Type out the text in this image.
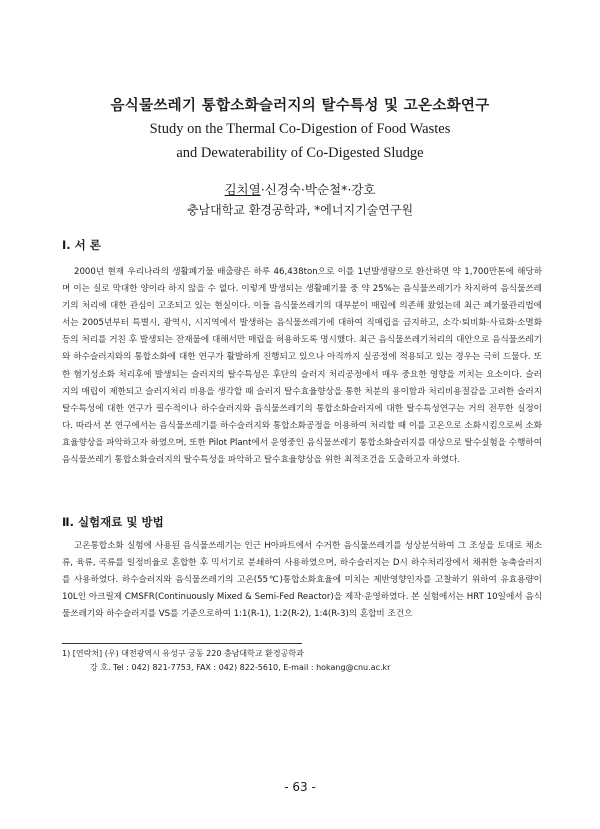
음식물쓰레기 통합소화슬러지의 탈수특성 및 고온소화연구
Study on the Thermal Co-Digestion of Food Wastes
and Dewaterability of Co-Digested Sludge
김치열·신경숙·박순철*·강호
충남대학교 환경공학과, *에너지기술연구원
Ⅰ. 서 론

2000년 현재 우리나라의 생활폐기물 배출량은 하루 46,438ton으로 이를 1년발생량으로 환산하면 약 1,700만톤에 해당하며 이는 실로 막대한 양이라 하지 않을 수 없다. 이렇게 발생되는 생활폐기물 중 약 25%는 음식물쓰레기가 차지하여 음식물쓰레기의 처리에 대한 관심이 고조되고 있는 현실이다. 이들 음식물쓰레기의 대부분이 매립에 의존해 왔었는데 최근 폐기물관리법에서는 2005년부터 특별시, 광역시, 시지역에서 발생하는 음식물쓰레기에 대하여 직매립을 금지하고, 소각·퇴비화·사료화·소멸화 등의 처리를 거친 후 발생되는 잔재물에 대해서만 매립을 허용하도록 명시했다. 최근 음식물쓰레기처리의 대안으로 음식물쓰레기와 하수슬러지와의 통합소화에 대한 연구가 활발하게 진행되고 있으나 아직까지 실공정에 적용되고 있는 경우는 극히 드물다. 또한 혐기성소화 처리후에 발생되는 슬러지의 탈수특성은 후단의 슬러지 처리공정에서 매우 중요한 영향을 끼치는 요소이다. 슬러지의 매립이 제한되고 슬러지처리 비용을 생각할 때 슬러지 탈수효율향상을 통한 처분의 용이함과 처리비용절감을 고려한 슬러지 탈수특성에 대한 연구가 필수적이나 하수슬러지와 음식물쓰레기의 통합소화슬러지에 대한 탈수특성연구는 거의 전무한 실정이다. 따라서 본 연구에서는 음식물쓰레기를 하수슬러지와 통합소화공정을 이용하여 처리할 때 이를 고온으로 소화시킴으로써 소화효율향상을 파악하고자 하였으며, 또한 Pilot Plant에서 운영중인 음식물쓰레기 통합소화슬러지를 대상으로 탈수실험을 수행하여 음식물쓰레기 통합소화슬러지의 탈수특성을 파악하고 탈수효율향상을 위한 최적조건을 도출하고자 하였다.

Ⅱ. 실험재료 및 방법

고온통합소화 실험에 사용된 음식물쓰레기는 인근 H아파트에서 수거한 음식물쓰레기를 성상분석하여 그 조성을 토대로 채소류, 육류, 곡류를 일정비율로 혼합한 후 믹서기로 분쇄하여 사용하였으며, 하수슬러지는 D시 하수처리장에서 채취한 농축슬러지를 사용하였다. 하수슬러지와 음식물쓰레기의 고온(55℃)통합소화효율에 미치는 제반영향인자를 고찰하기 위하여 유효용량이 10L인 아크릴제 CMSFR(Continuously Mixed & Semi-Fed Reactor)을 제작·운영하였다. 본 실험에서는 HRT 10일에서 음식물쓰레기와 하수슬러지를 VS를 기준으로하여 1:1(R-1), 1:2(R-2), 1:4(R-3)의 혼합비 조건으

1) [연락처] (우) 대전광역시 유성구 궁동 220 충남대학교 환경공학과
강 호. Tel : 042) 821-7753, FAX : 042) 822-5610, E-mail : hokang@cnu.ac.kr
- 63 -
